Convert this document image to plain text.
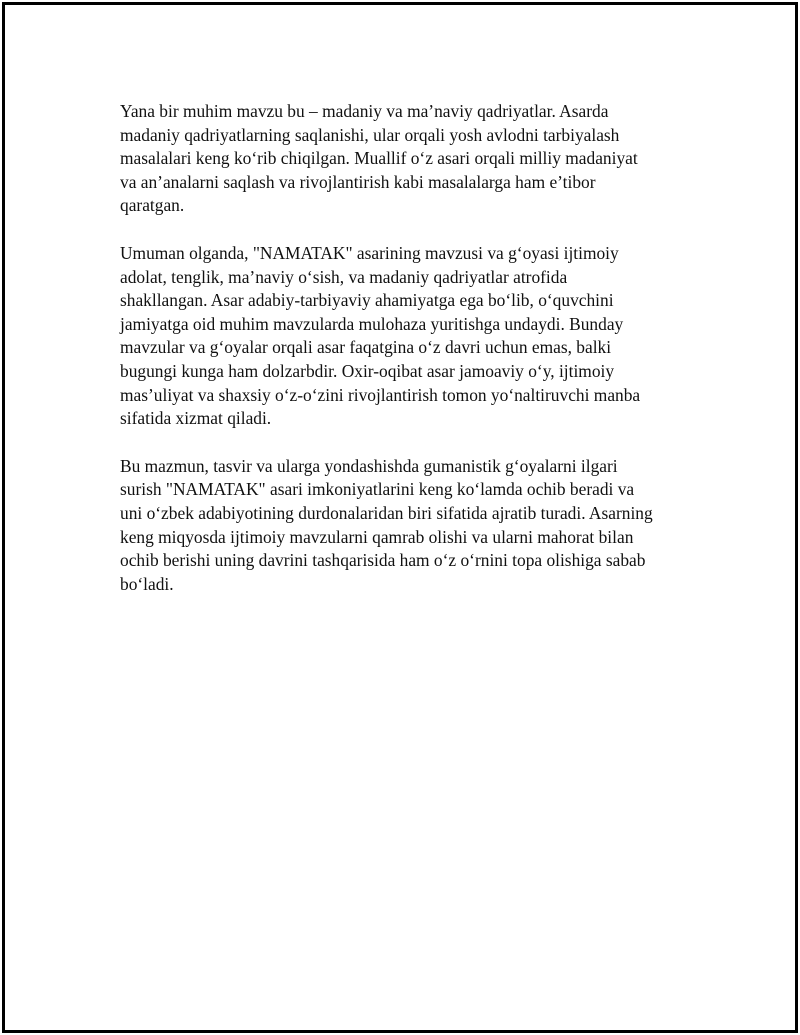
Yana bir muhim mavzu bu – madaniy va ma’naviy qadriyatlar. Asarda
madaniy qadriyatlarning saqlanishi, ular orqali yosh avlodni tarbiyalash
masalalari keng ko‘rib chiqilgan. Muallif o‘z asari orqali milliy madaniyat
va an’analarni saqlash va rivojlantirish kabi masalalarga ham e’tibor
qaratgan.

Umuman olganda, "NAMATAK" asarining mavzusi va g‘oyasi ijtimoiy
adolat, tenglik, ma’naviy o‘sish, va madaniy qadriyatlar atrofida
shakllangan. Asar adabiy-tarbiyaviy ahamiyatga ega bo‘lib, o‘quvchini
jamiyatga oid muhim mavzularda mulohaza yuritishga undaydi. Bunday
mavzular va g‘oyalar orqali asar faqatgina o‘z davri uchun emas, balki
bugungi kunga ham dolzarbdir. Oxir-oqibat asar jamoaviy o‘y, ijtimoiy
mas’uliyat va shaxsiy o‘z-o‘zini rivojlantirish tomon yo‘naltiruvchi manba
sifatida xizmat qiladi.

Bu mazmun, tasvir va ularga yondashishda gumanistik g‘oyalarni ilgari
surish "NAMATAK" asari imkoniyatlarini keng ko‘lamda ochib beradi va
uni o‘zbek adabiyotining durdonalaridan biri sifatida ajratib turadi. Asarning
keng miqyosda ijtimoiy mavzularni qamrab olishi va ularni mahorat bilan
ochib berishi uning davrini tashqarisida ham o‘z o‘rnini topa olishiga sabab
bo‘ladi.
